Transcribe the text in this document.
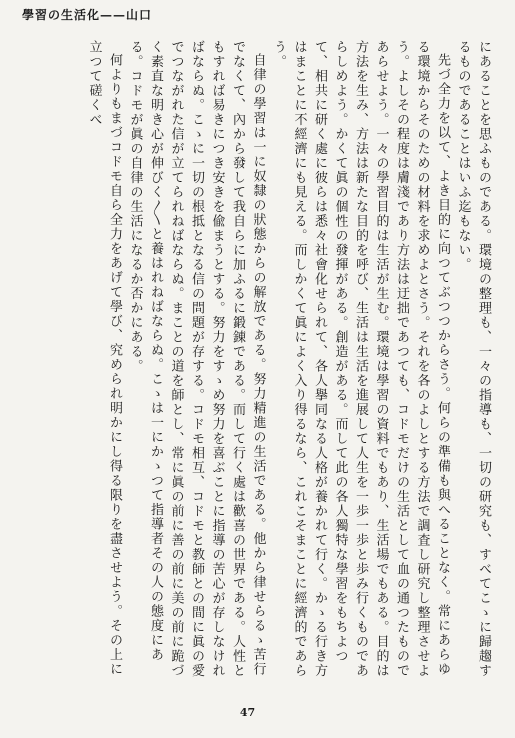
學習の生活化——山口

にあることを思ふものである。環境の整理も、一々の指導も、一切の研究も、すべてこゝに歸趨するものであることはいふ迄もない。

先づ全力を以て、よき目的に向つてぶつつからさう。何らの準備も與へることなく。常にあらゆる環境からそのための材料を求めよとさう。それを各のよしとする方法で調査し研究し整理させよう。よしその程度は膚淺であり方法は迂拙であつても、コドモだけの生活として血の通つたものであらせよう。一々の學習目的は生活が生む。環境は學習の資料でもあり、生活場でもある。目的は方法を生み、方法は新たな目的を呼び、生活は生活を進展して人生を一歩一歩と歩み行くものであらしめよう。かくて眞の個性の發揮がある。創造がある。而して此の各人獨特な學習をもちよつて、相共に研く處に彼らは悉々社會化せられて、各人擧同なる人格が養かれて行く。かゝる行き方はまことに不經濟にも見える。而しかくて眞によく入り得るなら、これこそまことに經濟的であらう。

自律の學習は一に奴隸の狀態からの解放である。努力精進の生活である。他から律せらるゝ苦行でなくて、內から發して我自らに加ふるに鍛錬である。而して行く處は歡喜の世界である。人性ともすれば易きにつき安きを偸まうとする。努力をすゝめ努力を喜ぶことに指導の苦心が存しなければならぬ。こゝに一切の根抵となる信の問題が存する。コドモ相互、コドモと教師との間に眞の愛でつながれた信が立てられねばならぬ。まことの道を師とし、常に眞の前に善の前に美の前に跪づく素直な明き心が伸びく〳〵と養はれねばならぬ。こゝは一にかゝつて指導者その人の態度にある。コドモが眞の自律の生活になるか否かにある。

何よりもまづコドモ自ら全力をあげて學び、究められ明かにし得る限りを盡させよう。その上に立つて磋くべ

47
